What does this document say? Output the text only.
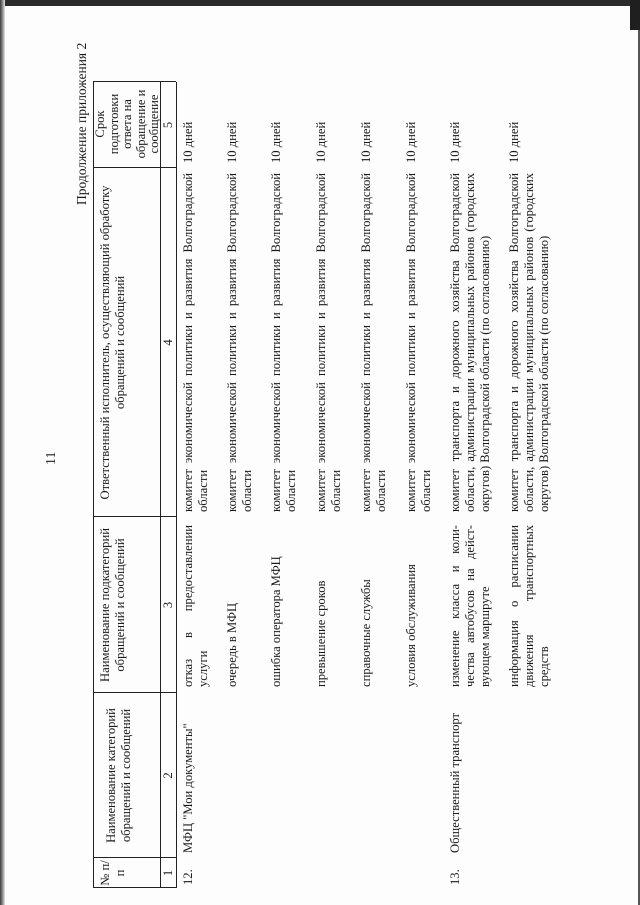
11
Продолжение приложения 2
№ п/п
Наименование категорий обращений и сообщений
Наименование подкатегорий обращений и сообщений
Ответственный исполнитель, осуществляющий обработку обращений и сообщений
Срок подготовки ответа на обращение и сообщение
1
2
3
4
5
12.
МФЦ "Мои документы"
отказ в предоставлении услуги
комитет экономической политики и развития Волгоградской области
10 дней
очередь в МФЦ
комитет экономической политики и развития Волгоградской области
10 дней
ошибка оператора МФЦ
комитет экономической политики и развития Волгоградской области
10 дней
превышение сроков
комитет экономической политики и развития Волгоградской области
10 дней
справочные службы
комитет экономической политики и развития Волгоградской области
10 дней
условия обслуживания
комитет экономической политики и развития Волгоградской области
10 дней
13.
Общественный транспорт
изменение класса и коли- чества автобусов на дейст- вующем маршруте
комитет транспорта и дорожного хозяйства Волгоградской области, администрации муниципальных районов (городских округов) Волгоградской области (по согласованию)
10 дней
информация о расписании движения транспортных средств
комитет транспорта и дорожного хозяйства Волгоградской области, администрации муниципальных районов (городских округов) Волгоградской области (по согласованию)
10 дней
